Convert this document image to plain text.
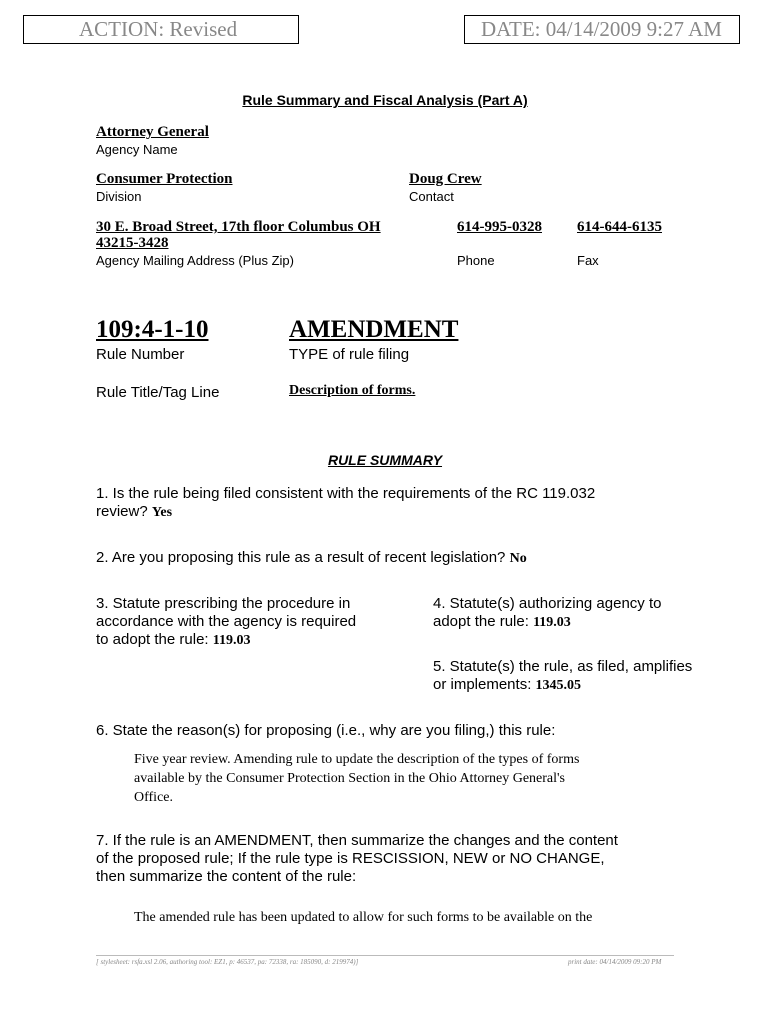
ACTION: Revised	DATE: 04/14/2009 9:27 AM
Rule Summary and Fiscal Analysis (Part A)
Attorney General
Agency Name
Consumer Protection
Division
Doug Crew
Contact
30 E. Broad Street, 17th floor Columbus OH
43215-3428
Agency Mailing Address (Plus Zip)
614-995-0328
Phone
614-644-6135
Fax
109:4-1-10
Rule Number
AMENDMENT
TYPE of rule filing
Rule Title/Tag Line	Description of forms.
RULE SUMMARY
1. Is the rule being filed consistent with the requirements of the RC 119.032
review? Yes
2. Are you proposing this rule as a result of recent legislation? No
3. Statute prescribing the procedure in
accordance with the agency is required
to adopt the rule: 119.03
4. Statute(s) authorizing agency to
adopt the rule: 119.03
5. Statute(s) the rule, as filed, amplifies
or implements: 1345.05
6. State the reason(s) for proposing (i.e., why are you filing,) this rule:
Five year review. Amending rule to update the description of the types of forms
available by the Consumer Protection Section in the Ohio Attorney General's
Office.
7. If the rule is an AMENDMENT, then summarize the changes and the content
of the proposed rule; If the rule type is RESCISSION, NEW or NO CHANGE,
then summarize the content of the rule:
The amended rule has been updated to allow for such forms to be available on the
[ stylesheet: rsfa.xsl 2.06, authoring tool: EZ1, p: 46537, pa: 72338, ra: 185090, d: 219974)]	print date: 04/14/2009 09:20 PM
